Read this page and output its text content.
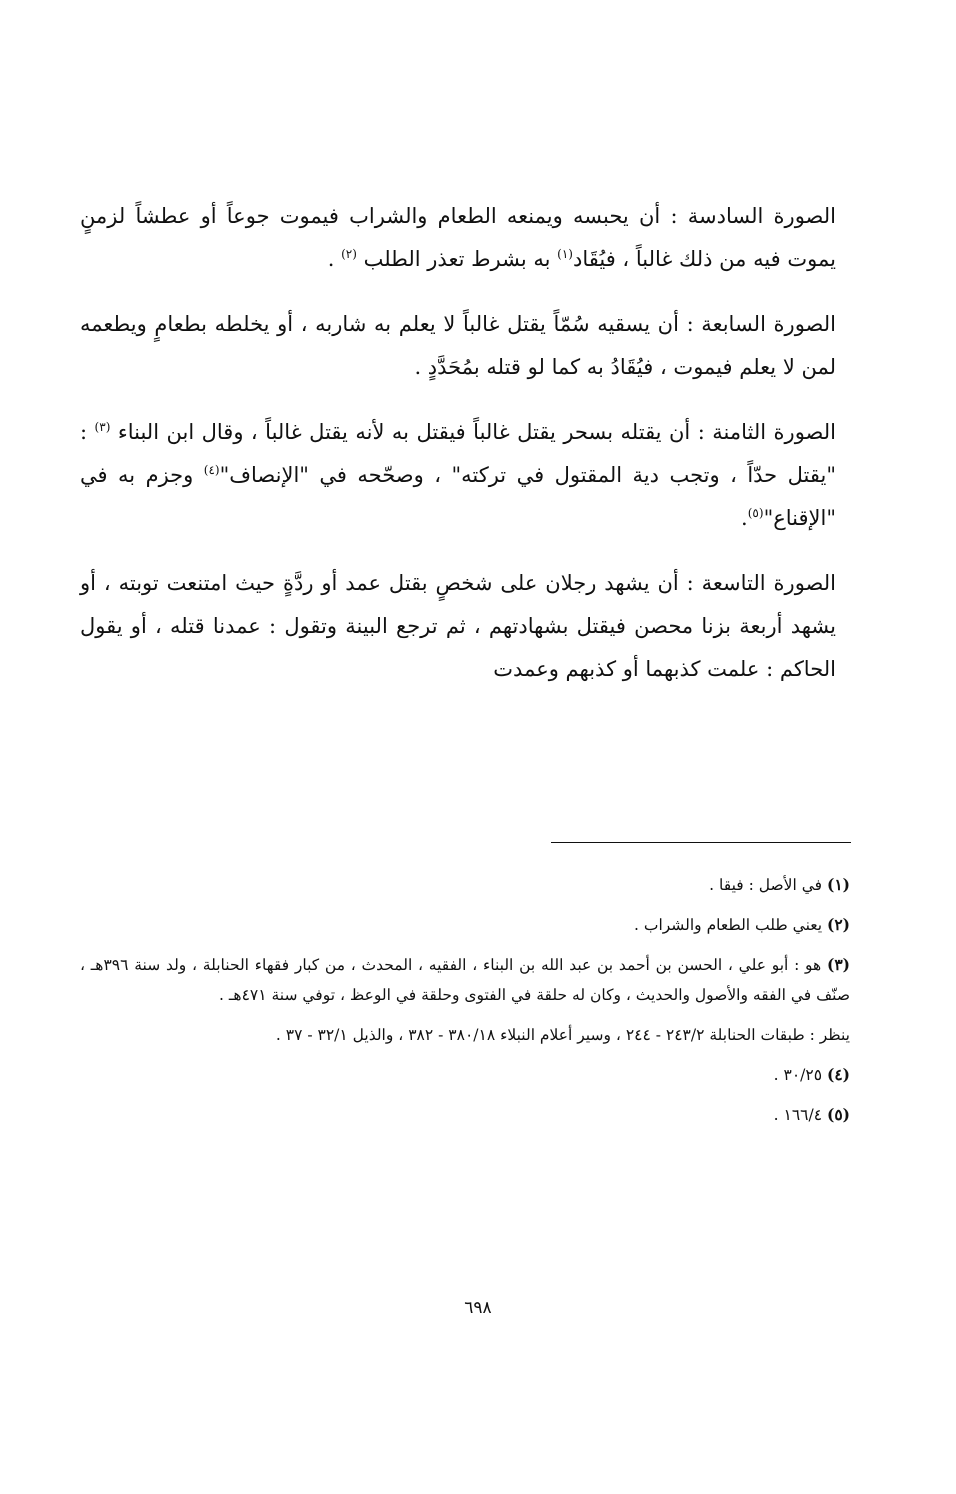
الصورة السادسة : أن يحبسه ويمنعه الطعام والشراب فيموت جوعاً أو عطشاً لزمنٍ يموت فيه من ذلك غالباً ، فيُقَاد$^{(١)}$ به بشرط تعذر الطلب $^{(٢)}$ .

الصورة السابعة : أن يسقيه سُمّاً يقتل غالباً لا يعلم به شاربه ، أو يخلطه بطعامٍ ويطعمه لمن لا يعلم فيموت ، فيُقَادُ به كما لو قتله بمُحَدَّدٍ .

الصورة الثامنة : أن يقتله بسحر يقتل غالباً فيقتل به لأنه يقتل غالباً ، وقال ابن البناء $^{(٣)}$ : "يقتل حدّاً ، وتجب دية المقتول في تركته" ، وصحّحه في "الإنصاف"$^{(٤)}$ وجزم به في "الإقناع"$^{(٥)}$.

الصورة التاسعة : أن يشهد رجلان على شخصٍ بقتل عمد أو ردَّةٍ حيث امتنعت توبته ، أو يشهد أربعة بزنا محصن فيقتل بشهادتهم ، ثم ترجع البينة وتقول : عمدنا قتله ، أو يقول الحاكم : علمت كذبهما أو كذبهم وعمدت

(١) في الأصل : فيقا .

(٢) يعني طلب الطعام والشراب .

(٣) هو : أبو علي ، الحسن بن أحمد بن عبد الله بن البناء ، الفقيه ، المحدث ، من كبار فقهاء الحنابلة ، ولد سنة ٣٩٦هـ ، صنّف في الفقه والأصول والحديث ، وكان له حلقة في الفتوى وحلقة في الوعظ ، توفي سنة ٤٧١هـ .

ينظر : طبقات الحنابلة ٢٤٣/٢ - ٢٤٤ ، وسير أعلام النبلاء ٣٨٠/١٨ - ٣٨٢ ، والذيل ٣٢/١ - ٣٧ .

(٤) ٣٠/٢٥ .

(٥) ١٦٦/٤ .

٦٩٨
